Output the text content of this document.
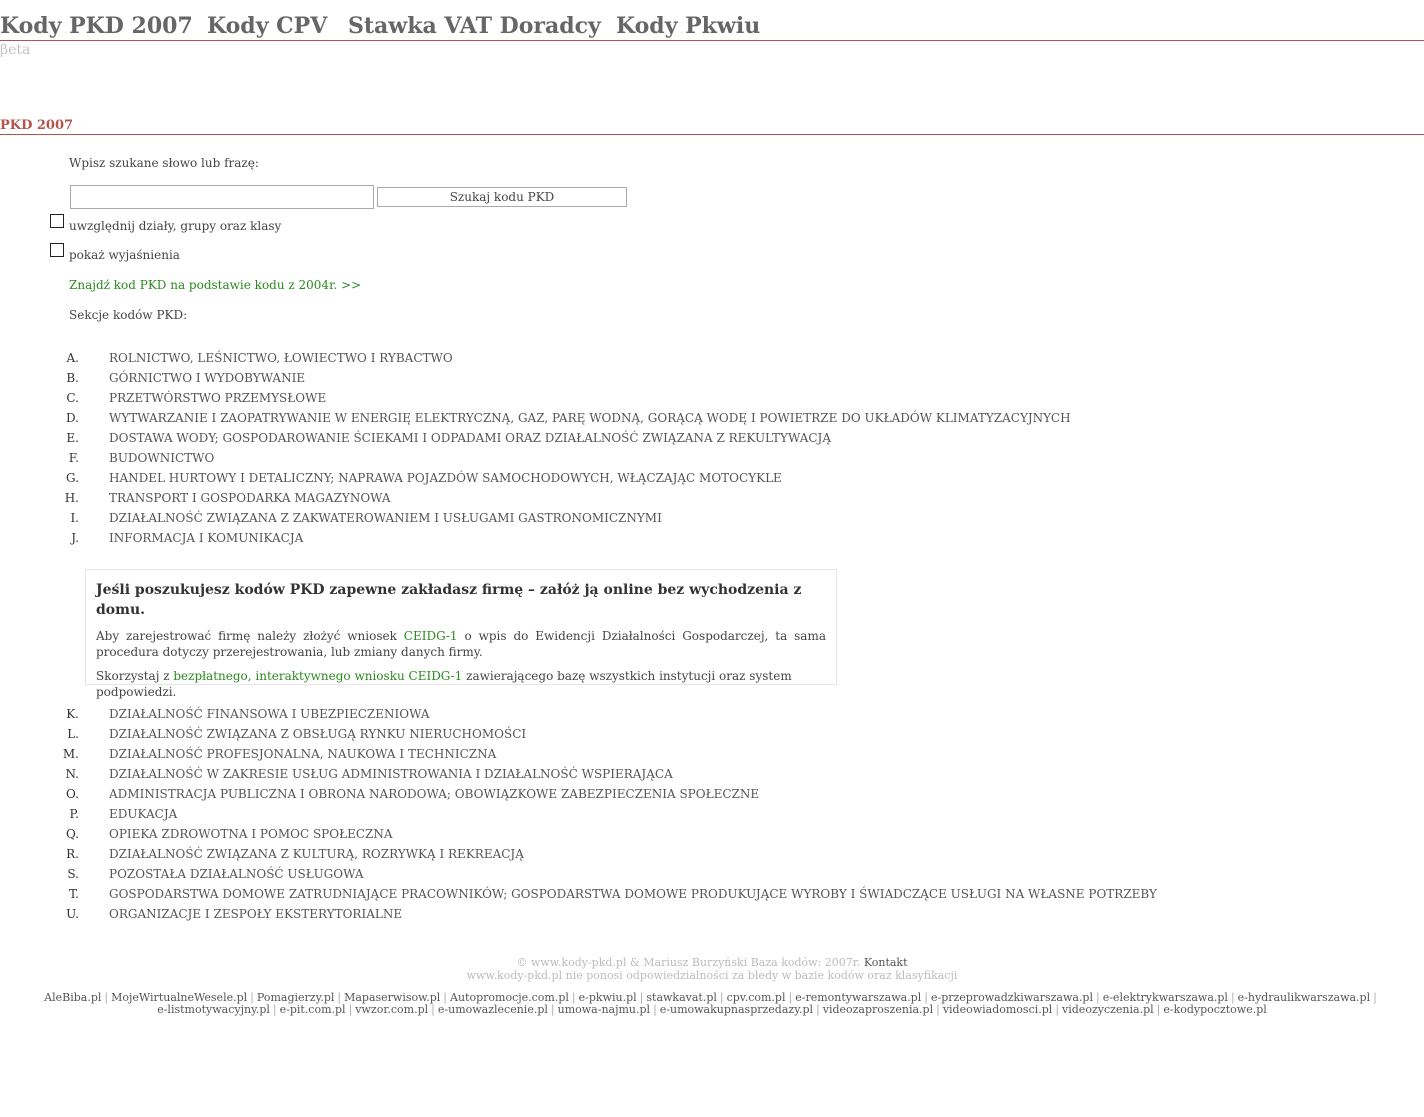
Kody PKD 2007 Kody CPV Stawka VAT Doradcy Kody Pkwiu
βeta
PKD 2007
Wpisz szukane słowo lub frazę:
Szukaj kodu PKD
uwzględnij działy, grupy oraz klasy
pokaż wyjaśnienia
Znajdź kod PKD na podstawie kodu z 2004r. >>
Sekcje kodów PKD:
A.	ROLNICTWO, LEŚNICTWO, ŁOWIECTWO I RYBACTWO
B.	GÓRNICTWO I WYDOBYWANIE
C.	PRZETWÓRSTWO PRZEMYSŁOWE
D.	WYTWARZANIE I ZAOPATRYWANIE W ENERGIĘ ELEKTRYCZNĄ, GAZ, PARĘ WODNĄ, GORĄCĄ WODĘ I POWIETRZE DO UKŁADÓW KLIMATYZACYJNYCH
E.	DOSTAWA WODY; GOSPODAROWANIE ŚCIEKAMI I ODPADAMI ORAZ DZIAŁALNOŚĆ ZWIĄZANA Z REKULTYWACJĄ
F.	BUDOWNICTWO
G.	HANDEL HURTOWY I DETALICZNY; NAPRAWA POJAZDÓW SAMOCHODOWYCH, WŁĄCZAJĄC MOTOCYKLE
H.	TRANSPORT I GOSPODARKA MAGAZYNOWA
I.	DZIAŁALNOŚĆ ZWIĄZANA Z ZAKWATEROWANIEM I USŁUGAMI GASTRONOMICZNYMI
J.	INFORMACJA I KOMUNIKACJA
Jeśli poszukujesz kodów PKD zapewne zakładasz firmę – załóż ją online bez wychodzenia z domu.
Aby zarejestrować firmę należy złożyć wniosek CEIDG-1 o wpis do Ewidencji Działalności Gospodarczej, ta sama procedura dotyczy przerejestrowania, lub zmiany danych firmy.
Skorzystaj z bezpłatnego, interaktywnego wniosku CEIDG-1 zawierającego bazę wszystkich instytucji oraz system podpowiedzi.
K.	DZIAŁALNOŚĆ FINANSOWA I UBEZPIECZENIOWA
L.	DZIAŁALNOŚĆ ZWIĄZANA Z OBSŁUGĄ RYNKU NIERUCHOMOŚCI
M.	DZIAŁALNOŚĆ PROFESJONALNA, NAUKOWA I TECHNICZNA
N.	DZIAŁALNOŚĆ W ZAKRESIE USŁUG ADMINISTROWANIA I DZIAŁALNOŚĆ WSPIERAJĄCA
O.	ADMINISTRACJA PUBLICZNA I OBRONA NARODOWA; OBOWIĄZKOWE ZABEZPIECZENIA SPOŁECZNE
P.	EDUKACJA
Q.	OPIEKA ZDROWOTNA I POMOC SPOŁECZNA
R.	DZIAŁALNOŚĆ ZWIĄZANA Z KULTURĄ, ROZRYWKĄ I REKREACJĄ
S.	POZOSTAŁA DZIAŁALNOŚĆ USŁUGOWA
T.	GOSPODARSTWA DOMOWE ZATRUDNIAJĄCE PRACOWNIKÓW; GOSPODARSTWA DOMOWE PRODUKUJĄCE WYROBY I ŚWIADCZĄCE USŁUGI NA WŁASNE POTRZEBY
U.	ORGANIZACJE I ZESPOŁY EKSTERYTORIALNE
© www.kody-pkd.pl & Mariusz Burzyński Baza kodów: 2007r. Kontakt
www.kody-pkd.pl nie ponosi odpowiedzialności za błedy w bazie kodów oraz klasyfikacji
AleBiba.pl | MojeWirtualneWesele.pl | Pomagierzy.pl | Mapaserwisow.pl | Autopromocje.com.pl | e-pkwiu.pl | stawkavat.pl | cpv.com.pl | e-remontywarszawa.pl | e-przeprowadzkiwarszawa.pl | e-elektrykwarszawa.pl | e-hydraulikwarszawa.pl |
e-listmotywacyjny.pl | e-pit.com.pl | vwzor.com.pl | e-umowazlecenie.pl | umowa-najmu.pl | e-umowakupnasprzedazy.pl | videozaproszenia.pl | videowiadomosci.pl | videozyczenia.pl | e-kodypocztowe.pl
